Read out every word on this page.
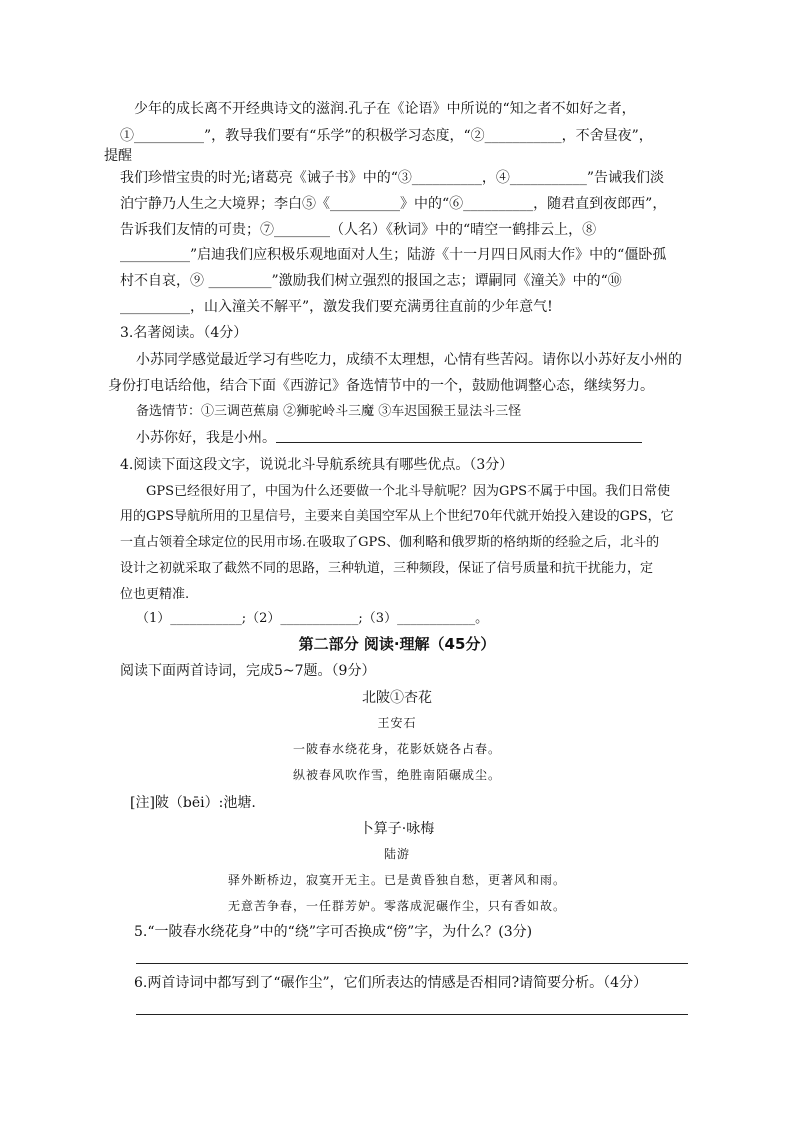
少年的成长离不开经典诗文的滋润.孔子在《论语》中所说的“知之者不如好之者，
①__________”，教导我们要有“乐学”的积极学习态度，“②___________，不舍昼夜”，
提醒
我们珍惜宝贵的时光;诸葛亮《诫子书》中的“③__________，④___________”告诫我们淡
泊宁静乃人生之大境界；李白⑤《__________》中的“⑥__________，随君直到夜郎西”，
告诉我们友情的可贵；⑦________（人名）《秋词》中的“晴空一鹤排云上，⑧
__________”启迪我们应积极乐观地面对人生；陆游《十一月四日风雨大作》中的“僵卧孤
村不自哀，⑨ _________”激励我们树立强烈的报国之志；谭嗣同《潼关》中的“⑩
__________，山入潼关不解平”，激发我们要充满勇往直前的少年意气!
3.名著阅读。（4分）
小苏同学感觉最近学习有些吃力，成绩不太理想，心情有些苦闷。请你以小苏好友小州的
身份打电话给他，结合下面《西游记》备选情节中的一个，鼓励他调整心态，继续努力。
备选情节：①三调芭蕉扇 ②狮驼岭斗三魔 ③车迟国猴王显法斗三怪
小苏你好，我是小州。
4.阅读下面这段文字，说说北斗导航系统具有哪些优点。（3分）
GPS已经很好用了，中国为什么还要做一个北斗导航呢？因为GPS不属于中国。我们日常使
用的GPS导航所用的卫星信号，主要来自美国空军从上个世纪70年代就开始投入建设的GPS，它
一直占领着全球定位的民用市场.在吸取了GPS、伽利略和俄罗斯的格纳斯的经验之后，北斗的
设计之初就采取了截然不同的思路，三种轨道，三种频段，保证了信号质量和抗干扰能力，定
位也更精准.
（1）___________;（2）____________;（3）____________。
第二部分 阅读·理解（45分）
阅读下面两首诗词，完成5~7题。（9分）
北陂①杏花
王安石
一陂春水绕花身，花影妖娆各占春。
纵被春风吹作雪，绝胜南陌碾成尘。
[注]陂（bēi）:池塘.
卜算子·咏梅
陆游
驿外断桥边，寂寞开无主。已是黄昏独自愁，更著风和雨。
无意苦争春，一任群芳妒。零落成泥碾作尘，只有香如故。
5.“一陂春水绕花身”中的“绕”字可否换成“傍”字，为什么？(3分)
6.两首诗词中都写到了“碾作尘”，它们所表达的情感是否相同?请简要分析。（4分）
